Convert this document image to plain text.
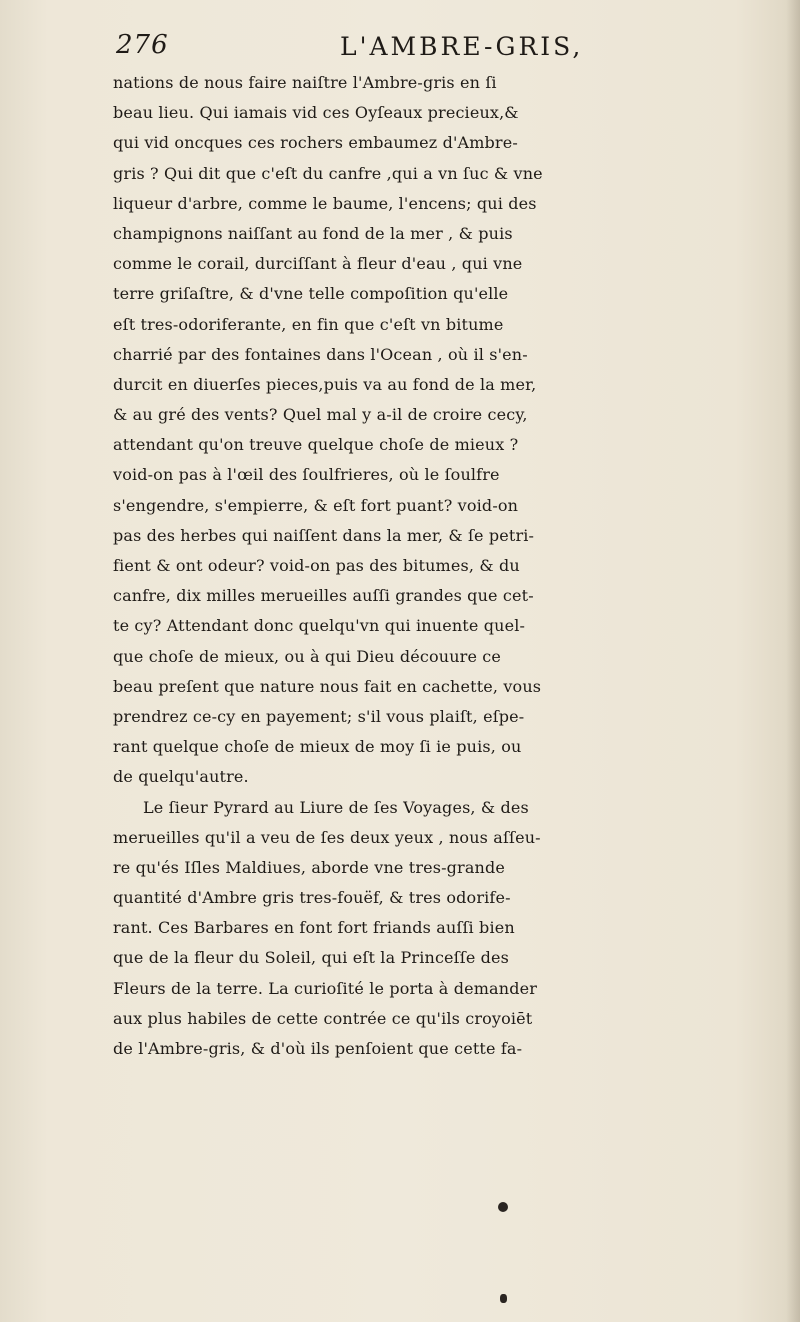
276	L'AMBRE-GRIS,
nations de nous faire naiſtre l'Ambre-gris en ſi
beau lieu. Qui iamais vid ces Oyſeaux precieux,&
qui vid oncques ces rochers embaumez d'Ambre-
gris ? Qui dit que c'eſt du canfre ,qui a vn ſuc & vne
liqueur d'arbre, comme le baume, l'encens; qui des
champignons naiſſant au fond de la mer , & puis
comme le corail, durciſſant à fleur d'eau , qui vne
terre griſaſtre, & d'vne telle compoſition qu'elle
eſt tres-odoriferante, en fin que c'eſt vn bitume
charrié par des fontaines dans l'Ocean , où il s'en-
durcit en diuerſes pieces,puis va au fond de la mer,
& au gré des vents? Quel mal y a-il de croire cecy,
attendant qu'on treuve quelque choſe de mieux ?
void-on pas à l'œil des ſoulfrieres, où le ſoulfre
s'engendre, s'empierre, & eſt fort puant? void-on
pas des herbes qui naiſſent dans la mer, & ſe petri-
fient & ont odeur? void-on pas des bitumes, & du
canfre, dix milles merueilles auſſi grandes que cet-
te cy? Attendant donc quelqu'vn qui inuente quel-
que choſe de mieux, ou à qui Dieu découure ce
beau preſent que nature nous fait en cachette, vous
prendrez ce-cy en payement; s'il vous plaiſt, eſpe-
rant quelque choſe de mieux de moy ſi ie puis, ou
de quelqu'autre.
Le ſieur Pyrard au Liure de ſes Voyages, & des
merueilles qu'il a veu de ſes deux yeux , nous aſſeu-
re qu'és Iſles Maldiues, aborde vne tres-grande
quantité d'Ambre gris tres-fouëf, & tres odorife-
rant. Ces Barbares en font fort friands auſſi bien
que de la fleur du Soleil, qui eſt la Princeſſe des
Fleurs de la terre. La curioſité le porta à demander
aux plus habiles de cette contrée ce qu'ils croyoiēt
de l'Ambre-gris, & d'où ils penſoient que cette fa-
